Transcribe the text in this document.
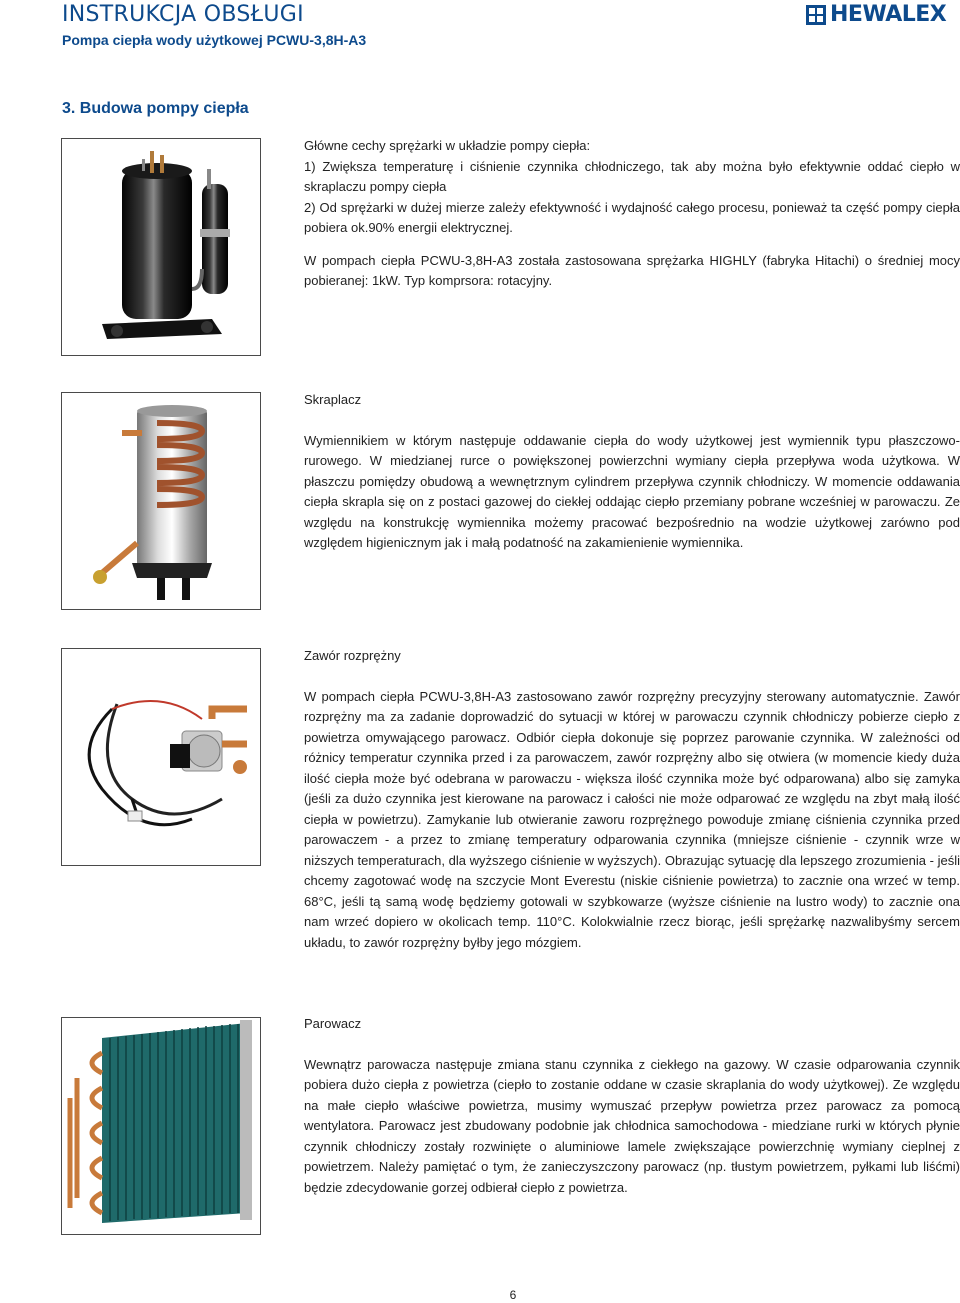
INSTRUKCJA OBSŁUGI
Pompa ciepła wody użytkowej PCWU-3,8H-A3
HEWALEX
3. Budowa pompy ciepła

Główne cechy sprężarki w układzie pompy ciepła:

1) Zwiększa temperaturę i ciśnienie czynnika chłodniczego, tak aby można było efektywnie oddać ciepło w skraplaczu pompy ciepła

2) Od sprężarki w dużej mierze zależy efektywność i wydajność całego procesu, ponieważ ta część pompy ciepła pobiera ok.90% energii elektrycznej.

W pompach ciepła PCWU-3,8H-A3 została zastosowana sprężarka HIGHLY (fabryka Hitachi) o średniej mocy pobieranej: 1kW. Typ komprsora: rotacyjny.

Skraplacz

Wymiennikiem w którym następuje oddawanie ciepła do wody użytkowej jest wymiennik typu płaszczowo-rurowego. W miedzianej rurce o powiększonej powierzchni wymiany ciepła przepływa woda użytkowa. W płaszczu pomiędzy obudową a wewnętrznym cylindrem przepływa czynnik chłodniczy. W momencie oddawania ciepła skrapla się on z postaci gazowej do ciekłej oddając ciepło przemiany pobrane wcześniej w parowaczu. Ze względu na konstrukcję wymiennika możemy pracować bezpośrednio na wodzie użytkowej zarówno pod względem higienicznym jak i małą podatność na zakamienienie wymiennika.

Zawór rozprężny

W pompach ciepła PCWU-3,8H-A3 zastosowano zawór rozprężny precyzyjny sterowany automatycznie. Zawór rozprężny ma za zadanie doprowadzić do sytuacji w której w parowaczu czynnik chłodniczy pobierze ciepło z powietrza omywającego parowacz. Odbiór ciepła dokonuje się poprzez parowanie czynnika. W zależności od różnicy temperatur czynnika przed i za parowaczem, zawór rozprężny albo się otwiera (w momencie kiedy duża ilość ciepła może być odebrana w parowaczu - większa ilość czynnika może być odparowana) albo się zamyka (jeśli za dużo czynnika jest kierowane na parowacz i całości nie może odparować ze względu na zbyt małą ilość ciepła w powietrzu). Zamykanie lub otwieranie zaworu rozprężnego powoduje zmianę ciśnienia czynnika przed parowaczem - a przez to zmianę temperatury odparowania czynnika (mniejsze ciśnienie - czynnik wrze w niższych temperaturach, dla wyższego ciśnienie w wyższych). Obrazując sytuację dla lepszego zrozumienia - jeśli chcemy zagotować wodę na szczycie Mont Everestu (niskie ciśnienie powietrza) to zacznie ona wrzeć w temp. 68°C, jeśli tą samą wodę będziemy gotowali w szybkowarze (wyższe ciśnienie na lustro wody) to zacznie ona nam wrzeć dopiero w okolicach temp. 110°C. Kolokwialnie rzecz biorąc, jeśli sprężarkę nazwalibyśmy sercem układu, to zawór rozprężny byłby jego mózgiem.

Parowacz

Wewnątrz parowacza następuje zmiana stanu czynnika z ciekłego na gazowy. W czasie odparowania czynnik pobiera dużo ciepła z powietrza (ciepło to zostanie oddane w czasie skraplania do wody użytkowej). Ze względu na małe ciepło właściwe powietrza, musimy wymuszać przepływ powietrza przez parowacz za pomocą wentylatora. Parowacz jest zbudowany podobnie jak chłodnica samochodowa - miedziane rurki w których płynie czynnik chłodniczy zostały rozwinięte o aluminiowe lamele zwiększające powierzchnię wymiany cieplnej z powietrzem. Należy pamiętać o tym, że zanieczyszczony parowacz (np. tłustym powietrzem, pyłkami lub liśćmi) będzie zdecydowanie gorzej odbierał ciepło z powietrza.

6
